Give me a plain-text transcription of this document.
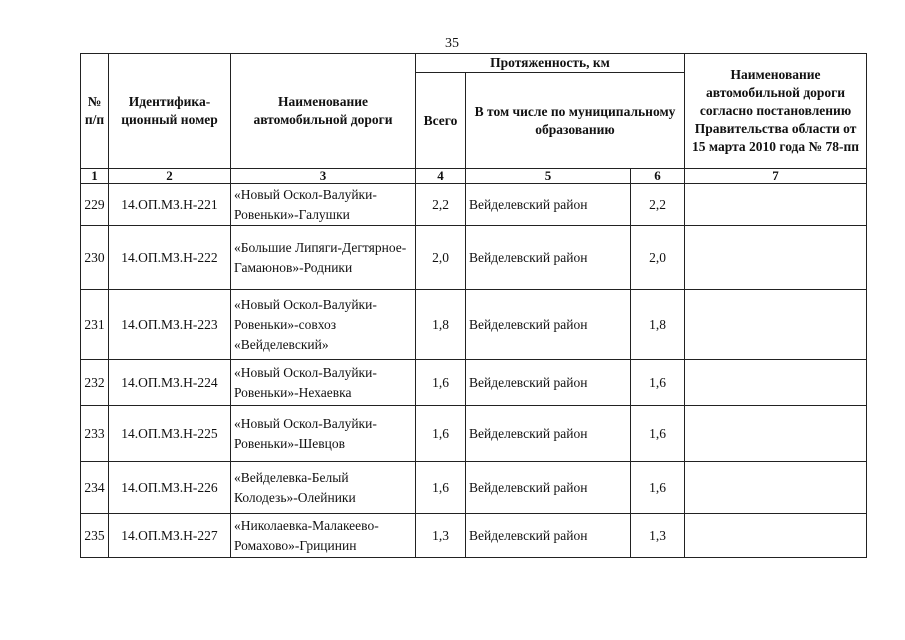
35
№ п/п	Идентифика-ционный номер	Наименование автомобильной дороги	Протяженность, км			Наименование автомобильной дороги согласно постановлению Правительства области от 15 марта 2010 года № 78-пп
			Всего	В том числе по муниципальному образованию		
1	2	3	4	5	6	7
229	14.ОП.МЗ.Н-221	«Новый Оскол-Валуйки-Ровеньки»-Галушки	2,2	Вейделевский район	2,2	
230	14.ОП.МЗ.Н-222	«Большие Липяги-Дегтярное-Гамаюнов»-Родники	2,0	Вейделевский район	2,0	
231	14.ОП.МЗ.Н-223	«Новый Оскол-Валуйки-Ровеньки»-совхоз «Вейделевский»	1,8	Вейделевский район	1,8	
232	14.ОП.МЗ.Н-224	«Новый Оскол-Валуйки-Ровеньки»-Нехаевка	1,6	Вейделевский район	1,6	
233	14.ОП.МЗ.Н-225	«Новый Оскол-Валуйки-Ровеньки»-Шевцов	1,6	Вейделевский район	1,6	
234	14.ОП.МЗ.Н-226	«Вейделевка-Белый Колодезь»-Олейники	1,6	Вейделевский район	1,6	
235	14.ОП.МЗ.Н-227	«Николаевка-Малакеево-Ромахово»-Грицинин	1,3	Вейделевский район	1,3	
